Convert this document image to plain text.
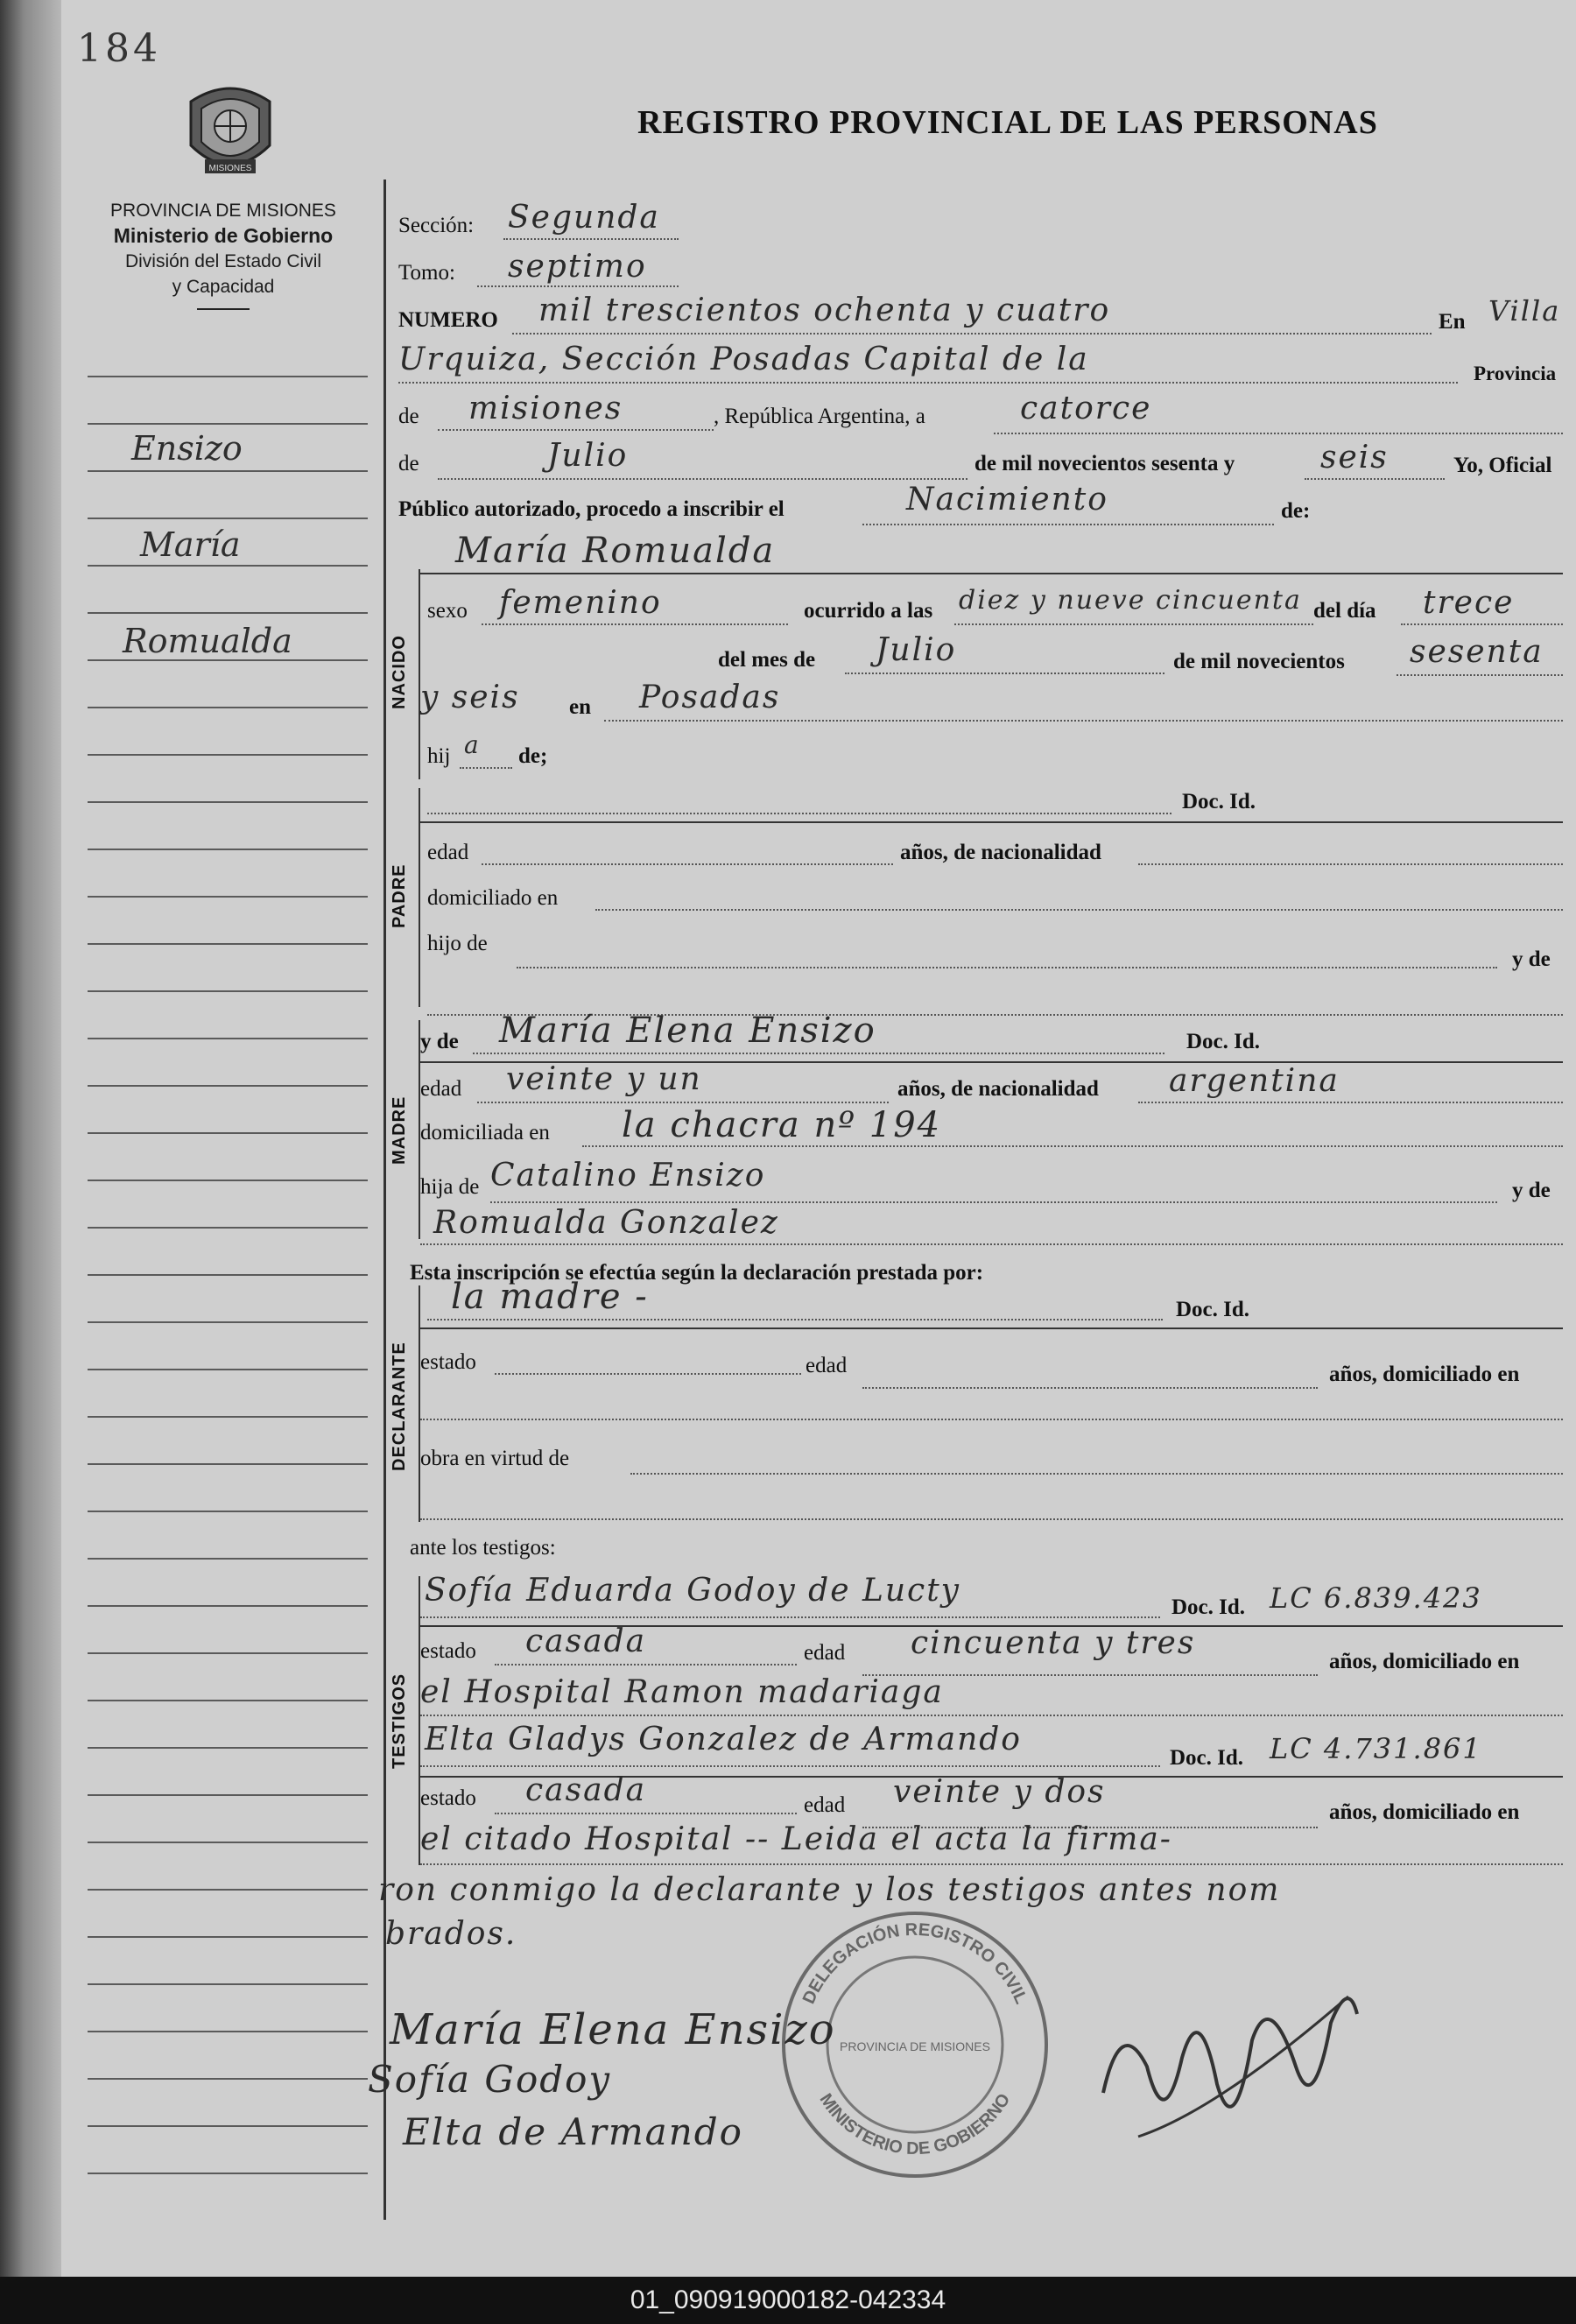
184
MISIONES
PROVINCIA DE MISIONES
Ministerio de Gobierno
División del Estado Civil
y Capacidad
REGISTRO PROVINCIAL DE LAS PERSONAS
Ensizo
María
Romualda
Sección: Segunda
Tomo: septimo
NUMERO mil trescientos ochenta y cuatro	En Villa
Urquiza, Sección Posadas Capital de la	Provincia
de misiones	, República Argentina, a	catorce
de	Julio	de mil novecientos sesenta y	seis	Yo, Oficial
Público autorizado, procedo a inscribir el	Nacimiento	de:
María Romualda
NACIDO
sexo femenino	ocurrido a las diez y nueve cincuenta del día trece
del mes de Julio	de mil novecientos sesenta
y seis en Posadas
hij a de;
PADRE
Doc. Id.
edad	años, de nacionalidad
domiciliado en
hijo de
y de
MADRE
y de María Elena Ensizo	Doc. Id.
edad veinte y un	años, de nacionalidad argentina
domiciliada en la chacra nº 194
hija de Catalino Ensizo	y de
Romualda Gonzalez
Esta inscripción se efectúa según la declaración prestada por:
DECLARANTE
la madre -	Doc. Id.
estado	edad	años, domiciliado en
obra en virtud de
ante los testigos:
TESTIGOS
Sofía Eduarda Godoy de Lucty	Doc. Id. LC 6.839.423
estado casada	edad cincuenta y tres
años, domiciliado en
el Hospital Ramon madariaga
Elta Gladys Gonzalez de Armando
Doc. Id. LC 4.731.861
estado casada	edad veinte y dos
años, domiciliado en
el citado Hospital -- Leida el acta la firma-
ron conmigo la declarante y los testigos antes nom
brados.
DELEGACIÓN REGISTRO CIVIL
MINISTERIO DE GOBIERNO
PROVINCIA DE MISIONES
María Elena Ensizo
Sofía Godoy
Elta de Armando
01_090919000182-042334
